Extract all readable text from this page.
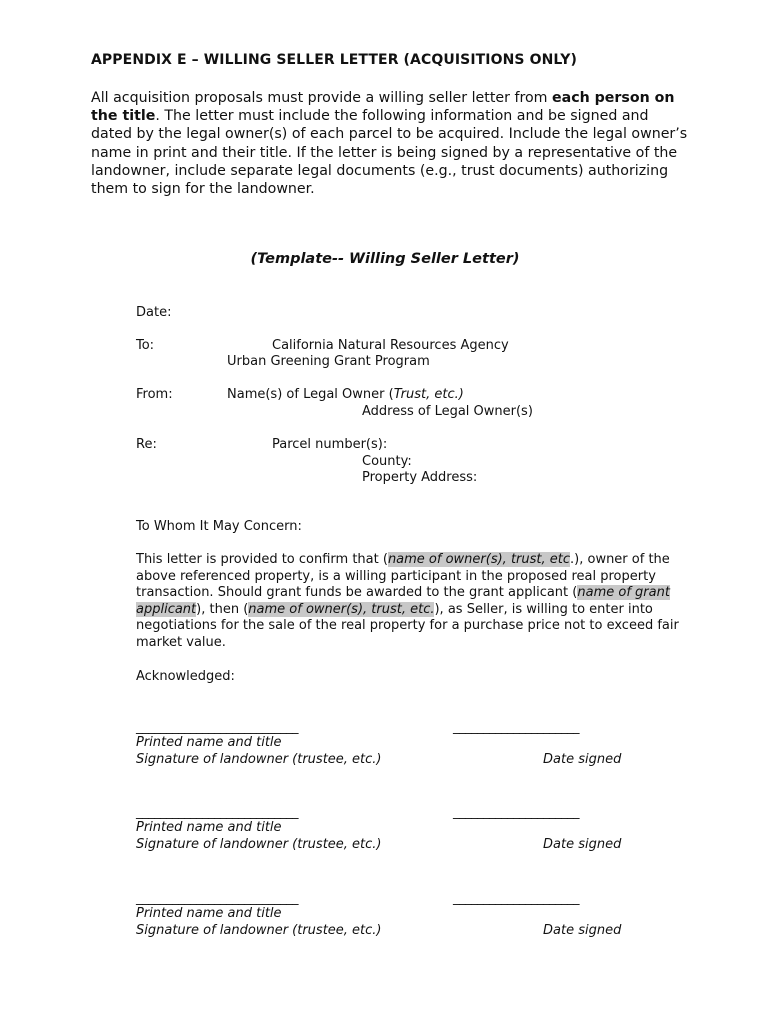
APPENDIX E – WILLING SELLER LETTER (ACQUISITIONS ONLY)
All acquisition proposals must provide a willing seller letter from each person on the title. The letter must include the following information and be signed and dated by the legal owner(s) of each parcel to be acquired. Include the legal owner’s name in print and their title. If the letter is being signed by a representative of the landowner, include separate legal documents (e.g., trust documents) authorizing them to sign for the landowner.
(Template-- Willing Seller Letter)
Date:
To:	California Natural Resources Agency
Urban Greening Grant Program
From:	Name(s) of Legal Owner (Trust, etc.)
Address of Legal Owner(s)
Re:	Parcel number(s):
County:
Property Address:
To Whom It May Concern:
This letter is provided to confirm that (name of owner(s), trust, etc.), owner of the above referenced property, is a willing participant in the proposed real property transaction. Should grant funds be awarded to the grant applicant (name of grant applicant), then (name of owner(s), trust, etc.), as Seller, is willing to enter into negotiations for the sale of the real property for a purchase price not to exceed fair market value.
Acknowledged:
___________________________	_____________________
Printed name and title
Signature of landowner (trustee, etc.)	Date signed
___________________________	_____________________
Printed name and title
Signature of landowner (trustee, etc.)	Date signed
___________________________	_____________________
Printed name and title
Signature of landowner (trustee, etc.)	Date signed
